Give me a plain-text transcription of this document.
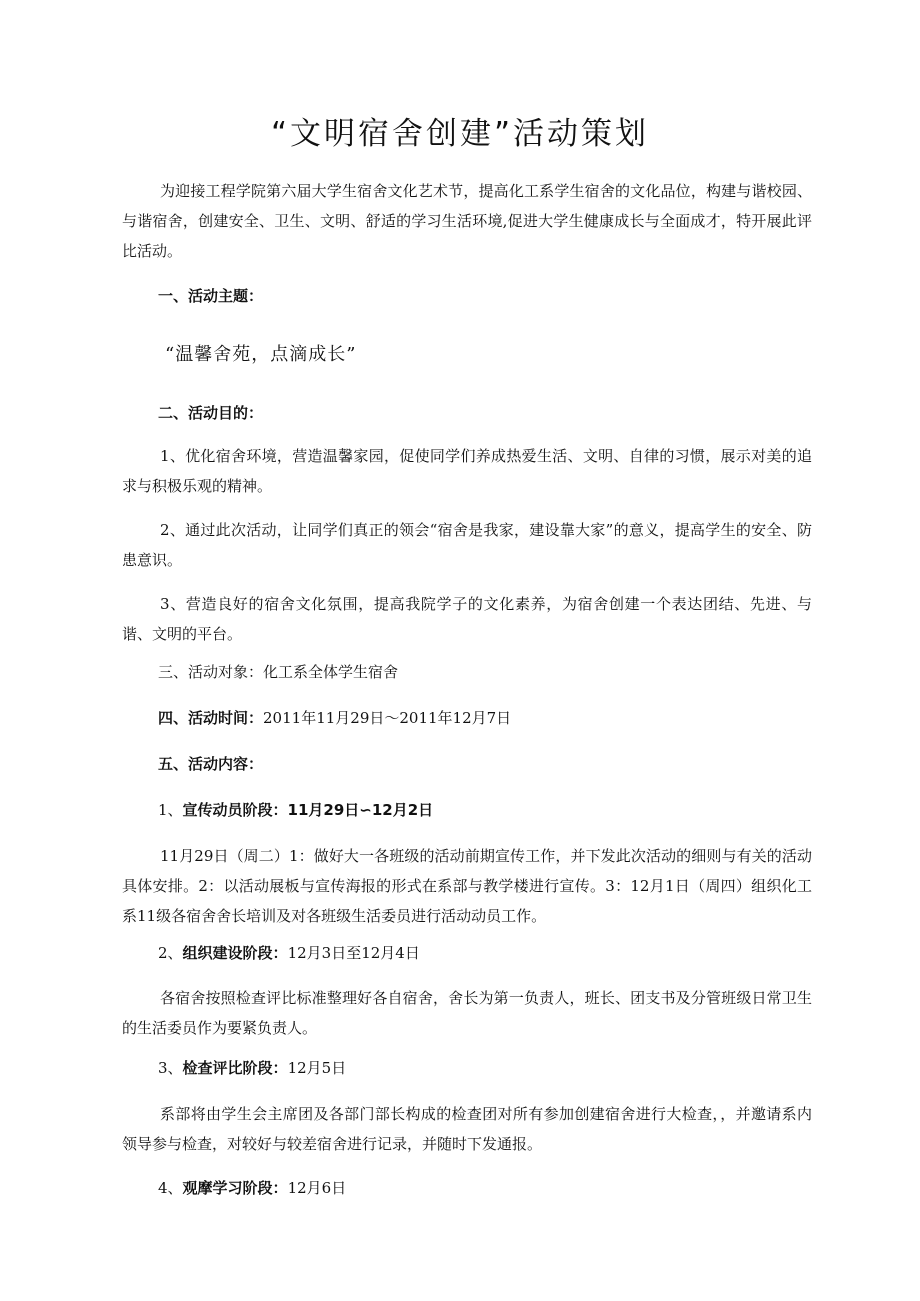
“文明宿舍创建”活动策划

为迎接工程学院第六届大学生宿舍文化艺术节，提高化工系学生宿舍的文化品位，构建与谐校园、与谐宿舍，创建安全、卫生、文明、舒适的学习生活环境,促进大学生健康成长与全面成才，特开展此评比活动。

一、活动主题：

“温馨舍苑，点滴成长”

二、活动目的：

1、优化宿舍环境，营造温馨家园，促使同学们养成热爱生活、文明、自律的习惯，展示对美的追求与积极乐观的精神。

2、通过此次活动，让同学们真正的领会“宿舍是我家，建设靠大家”的意义，提高学生的安全、防患意识。

3、营造良好的宿舍文化氛围，提高我院学子的文化素养，为宿舍创建一个表达团结、先进、与谐、文明的平台。

三、活动对象：化工系全体学生宿舍

四、活动时间：2011年11月29日～2011年12月7日

五、活动内容：

1、宣传动员阶段：11月29日∽12月2日

11月29日（周二）1：做好大一各班级的活动前期宣传工作，并下发此次活动的细则与有关的活动具体安排。2：以活动展板与宣传海报的形式在系部与教学楼进行宣传。3：12月1日（周四）组织化工系11级各宿舍舍长培训及对各班级生活委员进行活动动员工作。

2、组织建设阶段：12月3日至12月4日

各宿舍按照检查评比标准整理好各自宿舍，舍长为第一负责人，班长、团支书及分管班级日常卫生的生活委员作为要紧负责人。

3、检查评比阶段：12月5日

系部将由学生会主席团及各部门部长构成的检查团对所有参加创建宿舍进行大检查，，并邀请系内领导参与检查，对较好与较差宿舍进行记录，并随时下发通报。

4、观摩学习阶段：12月6日
